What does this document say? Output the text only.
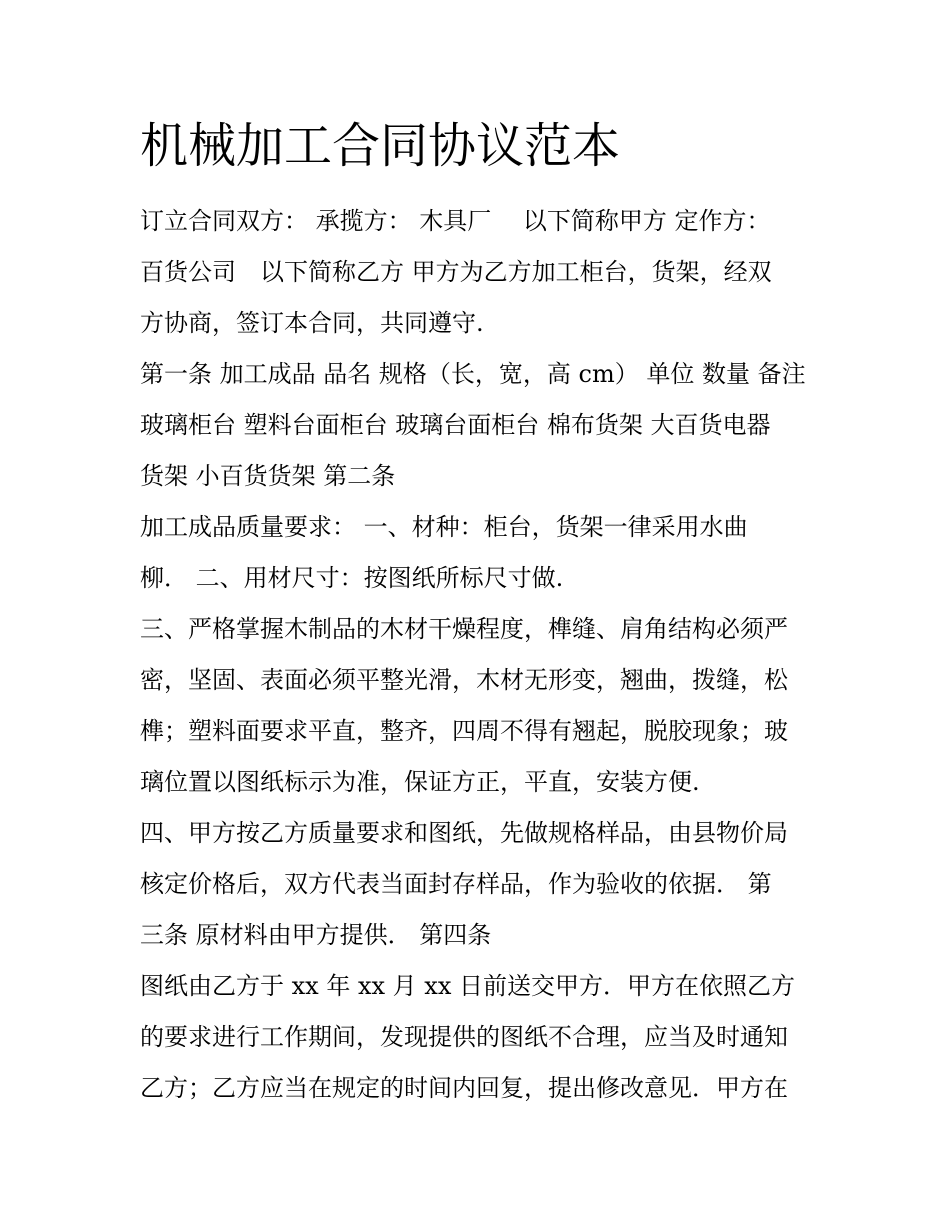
机械加工合同协议范本

订立合同双方： 承揽方： 木具厂　 以下简称甲方 定作方：
百货公司　以下简称乙方 甲方为乙方加工柜台，货架，经双
方协商，签订本合同，共同遵守.

第一条 加工成品 品名 规格（长，宽，高 cm） 单位 数量 备注
玻璃柜台 塑料台面柜台 玻璃台面柜台 棉布货架 大百货电器
货架 小百货货架 第二条

加工成品质量要求： 一、材种：柜台，货架一律采用水曲
柳． 二、用材尺寸：按图纸所标尺寸做.

三、严格掌握木制品的木材干燥程度，榫缝、肩角结构必须严
密，坚固、表面必须平整光滑，木材无形变，翘曲，拨缝，松
榫；塑料面要求平直，整齐，四周不得有翘起，脱胶现象；玻
璃位置以图纸标示为准，保证方正，平直，安装方便.

四、甲方按乙方质量要求和图纸，先做规格样品，由县物价局
核定价格后，双方代表当面封存样品，作为验收的依据． 第
三条 原材料由甲方提供． 第四条

图纸由乙方于 xx 年 xx 月 xx 日前送交甲方．甲方在依照乙方
的要求进行工作期间，发现提供的图纸不合理，应当及时通知
乙方；乙方应当在规定的时间内回复，提出修改意见．甲方在
